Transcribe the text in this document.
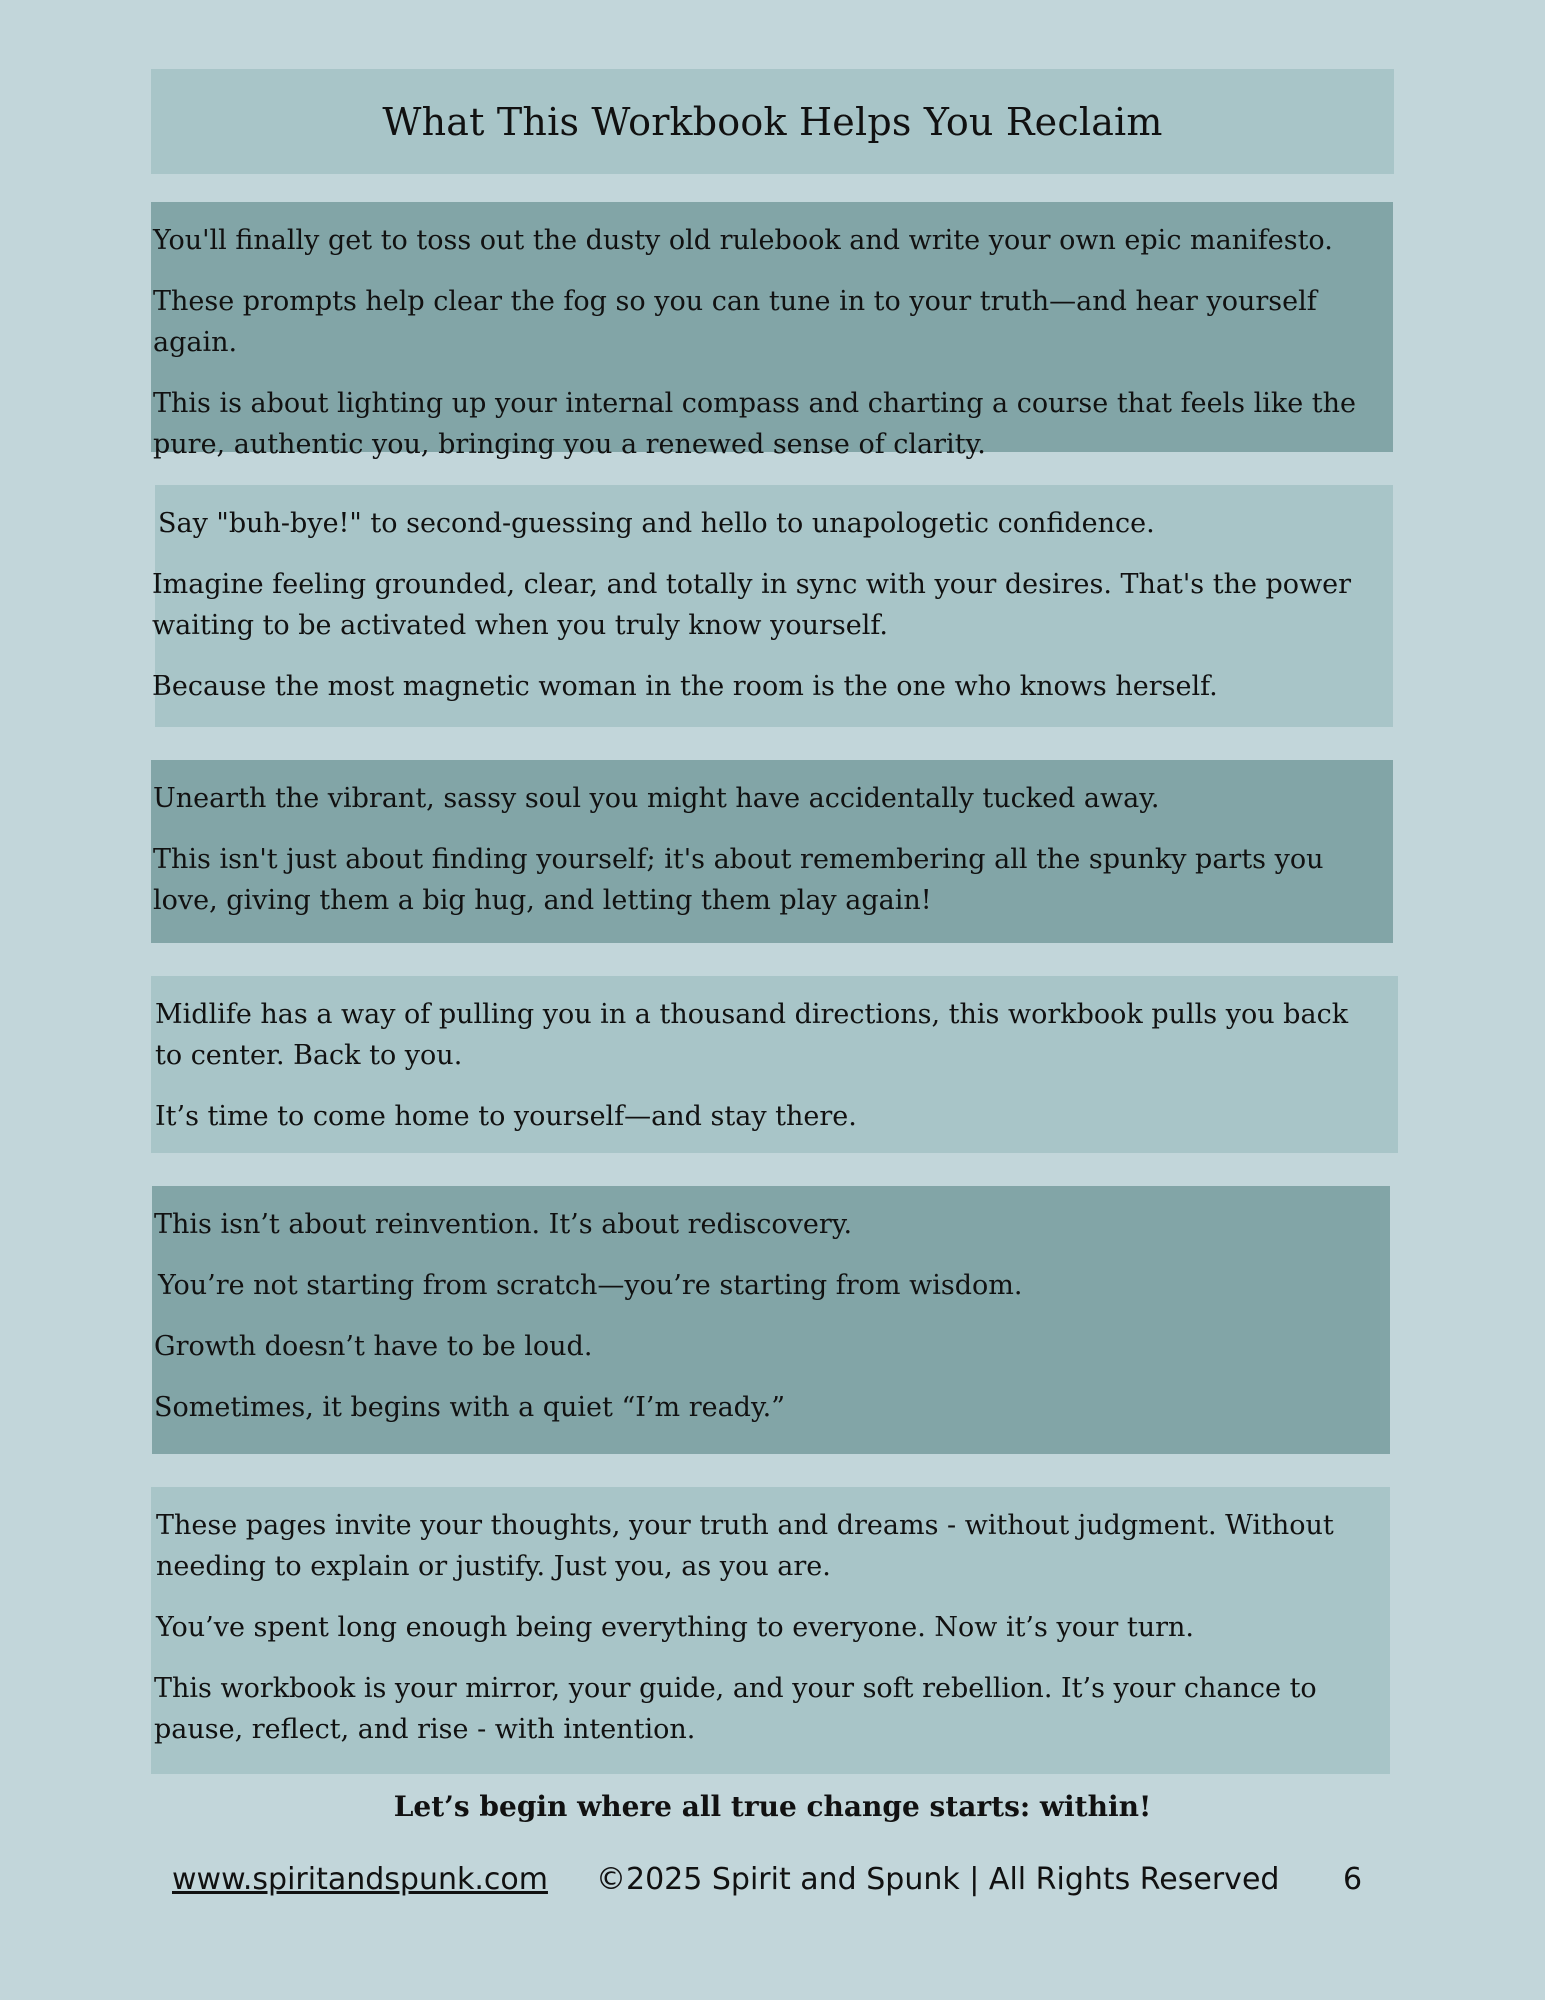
What This Workbook Helps You Reclaim

You'll finally get to toss out the dusty old rulebook and write your own epic manifesto.

These prompts help clear the fog so you can tune in to your truth—and hear yourself again.

This is about lighting up your internal compass and charting a course that feels like the pure, authentic you, bringing you a renewed sense of clarity.

Say "buh-bye!" to second-guessing and hello to unapologetic confidence.

Imagine feeling grounded, clear, and totally in sync with your desires. That's the power waiting to be activated when you truly know yourself.

Because the most magnetic woman in the room is the one who knows herself.

Unearth the vibrant, sassy soul you might have accidentally tucked away.

This isn't just about finding yourself; it's about remembering all the spunky parts you love, giving them a big hug, and letting them play again!

Midlife has a way of pulling you in a thousand directions, this workbook pulls you back to center. Back to you.

It’s time to come home to yourself—and stay there.

This isn’t about reinvention. It’s about rediscovery.

You’re not starting from scratch—you’re starting from wisdom.

Growth doesn’t have to be loud.

Sometimes, it begins with a quiet “I’m ready.”

These pages invite your thoughts, your truth and dreams - without judgment. Without needing to explain or justify. Just you, as you are.

You’ve spent long enough being everything to everyone. Now it’s your turn.

This workbook is your mirror, your guide, and your soft rebellion. It’s your chance to pause, reflect, and rise - with intention.

Let’s begin where all true change starts: within!

www.spiritandspunk.com ©2025 Spirit and Spunk | All Rights Reserved 6
